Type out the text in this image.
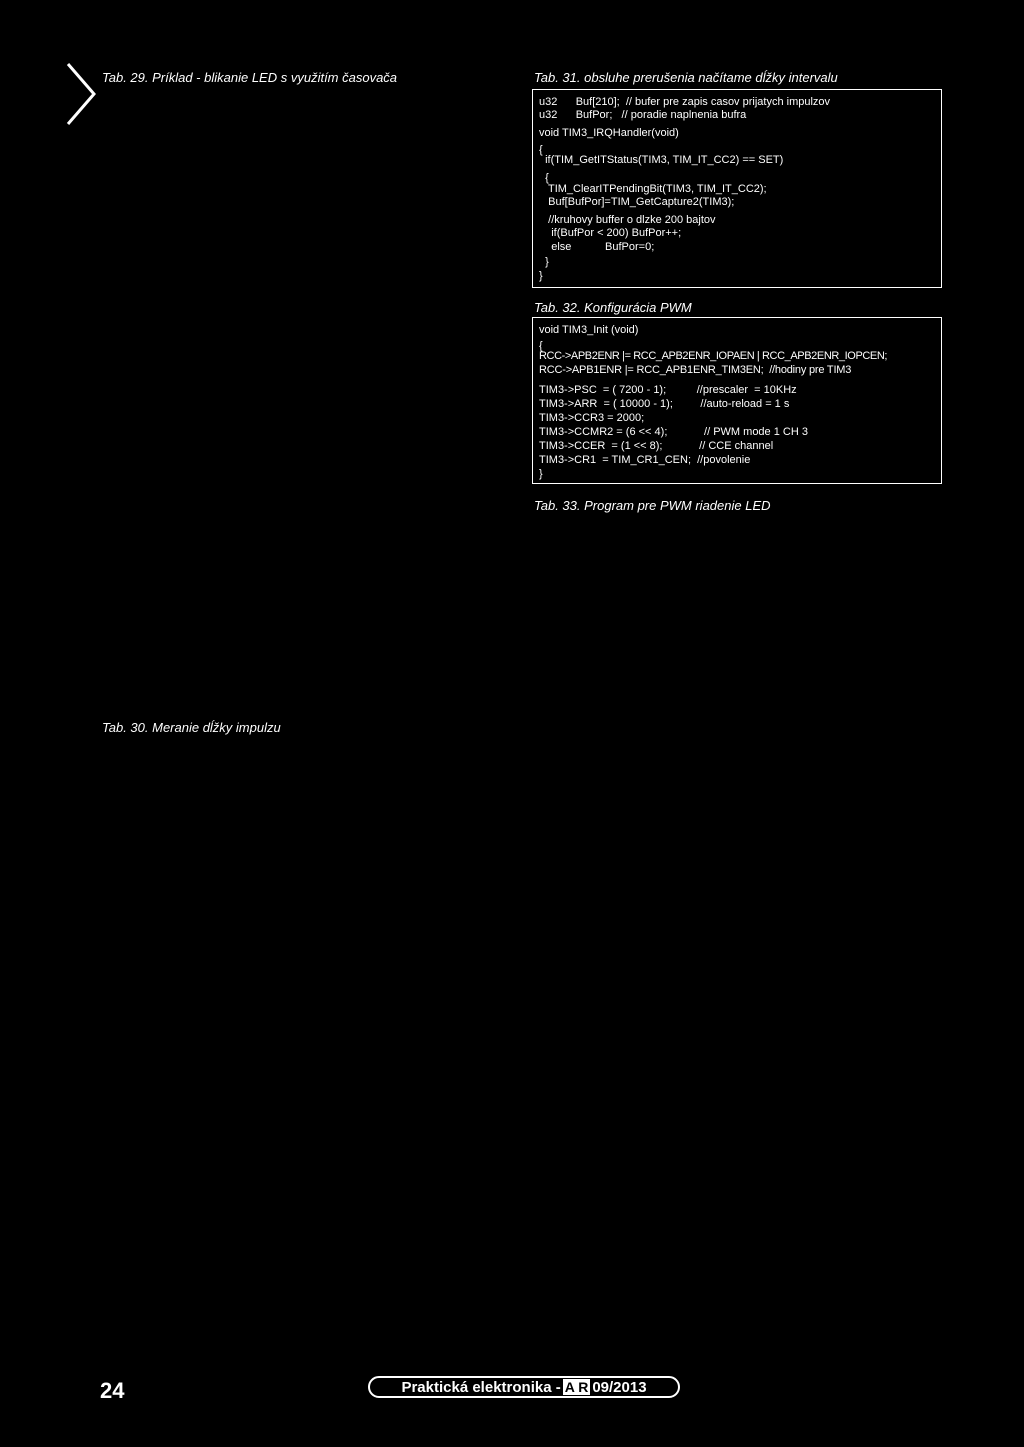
Tab. 29. Príklad - blikanie LED s využitím časovača	Tab. 31. obsluhe prerušenia načítame dĺžky intervalu
u32      Buf[210];  // bufer pre zapis casov prijatych impulzov
u32      BufPor;   // poradie naplnenia bufra
void TIM3_IRQHandler(void)
{
if(TIM_GetITStatus(TIM3, TIM_IT_CC2) == SET)
{
TIM_ClearITPendingBit(TIM3, TIM_IT_CC2);
Buf[BufPor]=TIM_GetCapture2(TIM3);
//kruhovy buffer o dlzke 200 bajtov
if(BufPor < 200) BufPor++;
else           BufPor=0;
}
}
Tab. 32. Konfigurácia PWM
void TIM3_Init (void)
{
RCC->APB2ENR |= RCC_APB2ENR_IOPAEN | RCC_APB2ENR_IOPCEN;
RCC->APB1ENR |= RCC_APB1ENR_TIM3EN;  //hodiny pre TIM3
TIM3->PSC  = ( 7200 - 1);          //prescaler  = 10KHz
TIM3->ARR  = ( 10000 - 1);         //auto-reload = 1 s
TIM3->CCR3 = 2000;
TIM3->CCMR2 = (6 << 4);            // PWM mode 1 CH 3
TIM3->CCER  = (1 << 8);            // CCE channel
TIM3->CR1  = TIM_CR1_CEN;  //povolenie
}
Tab. 33. Program pre PWM riadenie LED
Tab. 30. Meranie dĺžky impulzu
24	Praktická elektronika - A R 09/2013
